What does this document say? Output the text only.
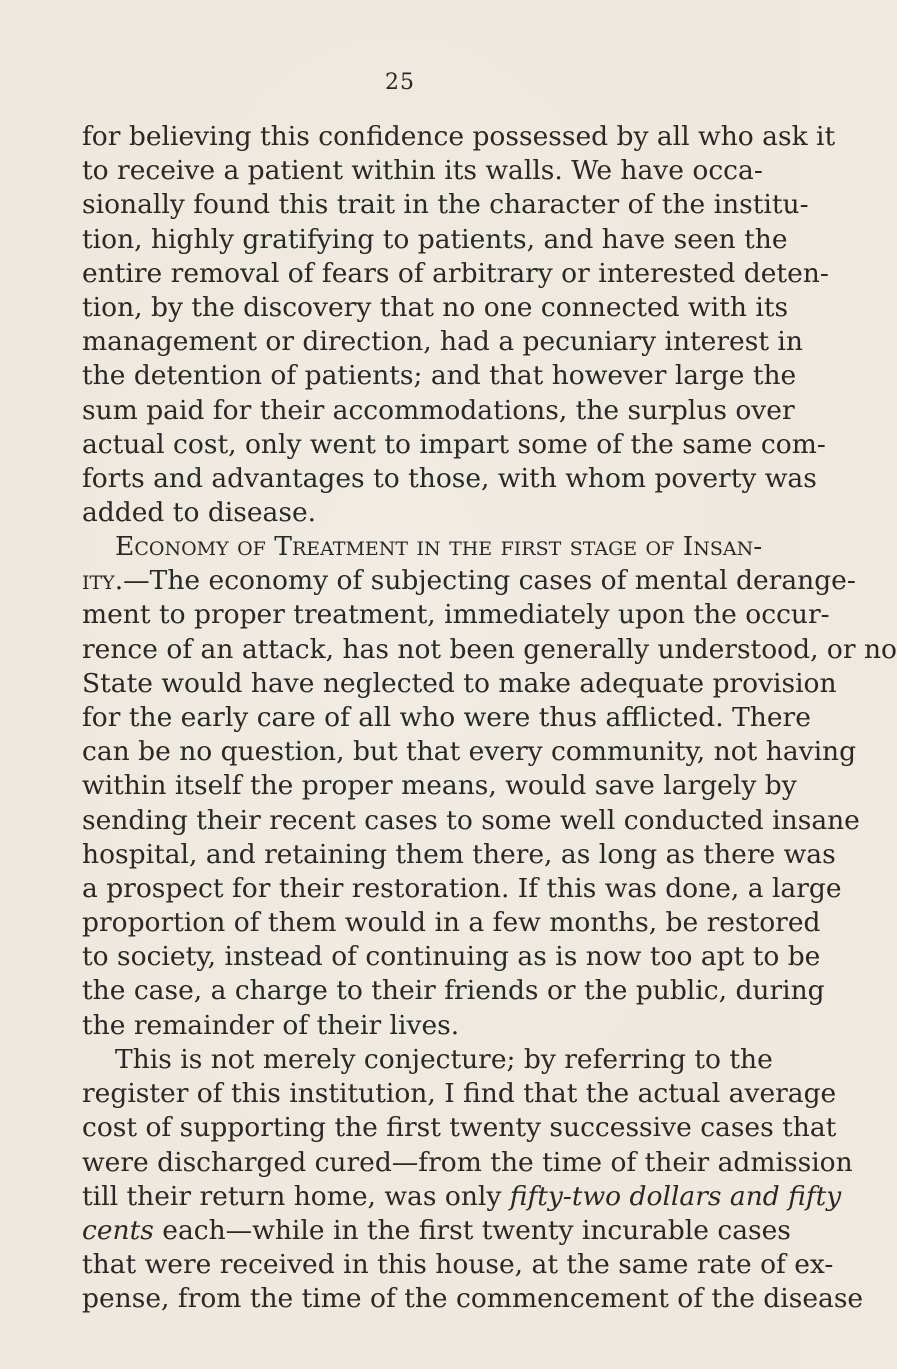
25
for believing this confidence possessed by all who ask it
to receive a patient within its walls. We have occa-
sionally found this trait in the character of the institu-
tion, highly gratifying to patients, and have seen the
entire removal of fears of arbitrary or interested deten-
tion, by the discovery that no one connected with its
management or direction, had a pecuniary interest in
the detention of patients; and that however large the
sum paid for their accommodations, the surplus over
actual cost, only went to impart some of the same com-
forts and advantages to those, with whom poverty was
added to disease.
Economy of Treatment in the first stage of Insan-
ity.—The economy of subjecting cases of mental derange-
ment to proper treatment, immediately upon the occur-
rence of an attack, has not been generally understood, or no
State would have neglected to make adequate provision
for the early care of all who were thus afflicted. There
can be no question, but that every community, not having
within itself the proper means, would save largely by
sending their recent cases to some well conducted insane
hospital, and retaining them there, as long as there was
a prospect for their restoration. If this was done, a large
proportion of them would in a few months, be restored
to society, instead of continuing as is now too apt to be
the case, a charge to their friends or the public, during
the remainder of their lives.
This is not merely conjecture; by referring to the
register of this institution, I find that the actual average
cost of supporting the first twenty successive cases that
were discharged cured—from the time of their admission
till their return home, was only fifty-two dollars and fifty
cents each—while in the first twenty incurable cases
that were received in this house, at the same rate of ex-
pense, from the time of the commencement of the disease
